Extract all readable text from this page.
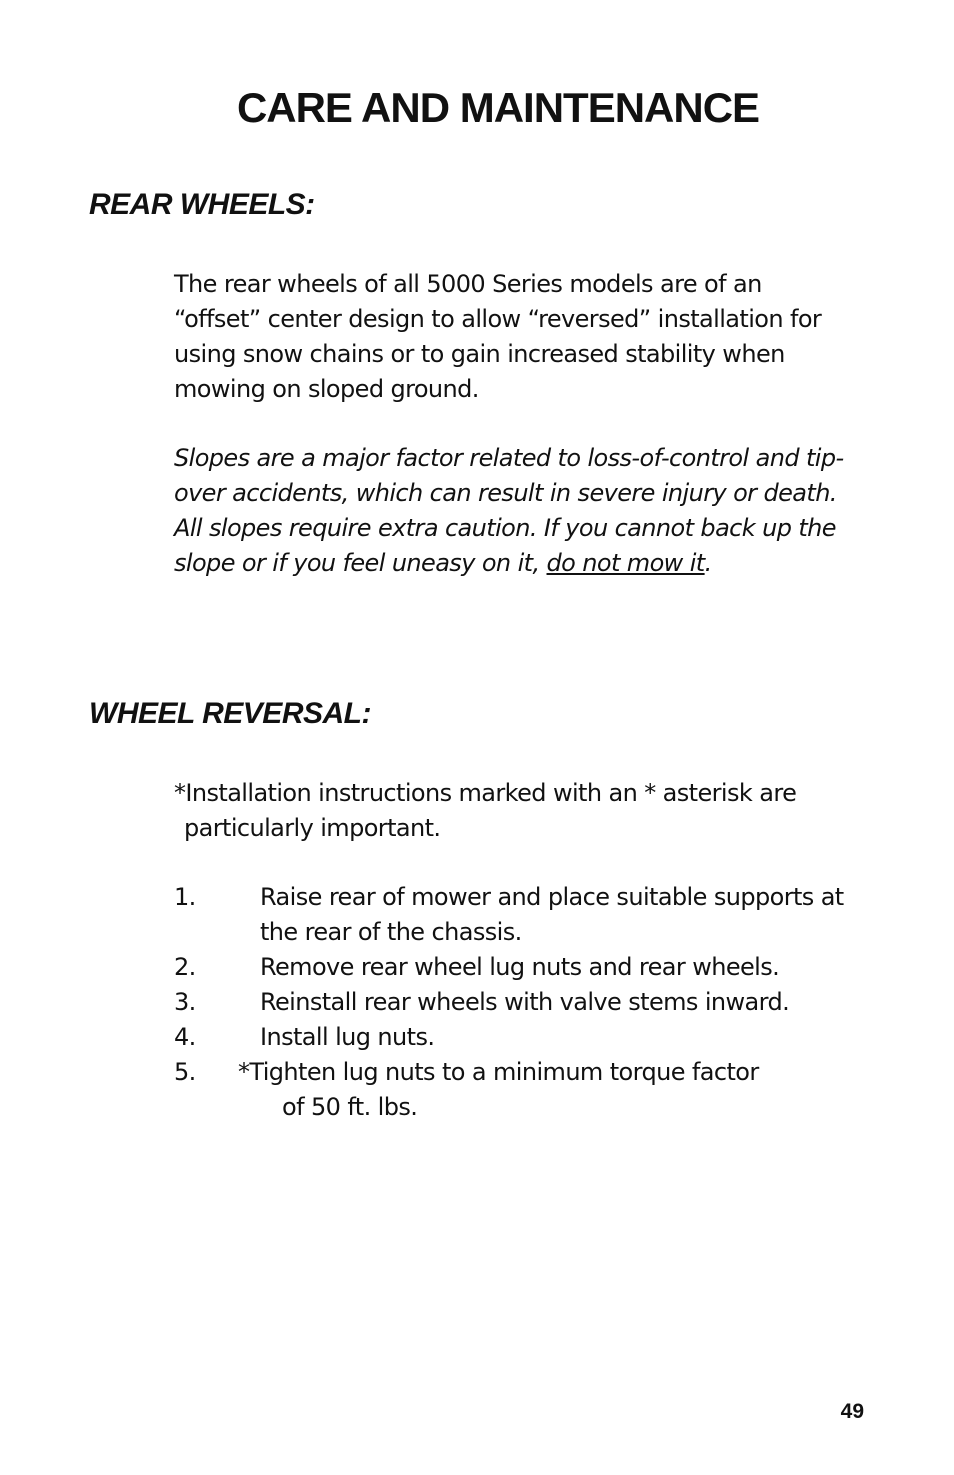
CARE AND MAINTENANCE
REAR WHEELS:

The rear wheels of all 5000 Series models are of an “offset” center design to allow “reversed” installation for using snow chains or to gain increased stability when mowing on sloped ground.

Slopes are a major factor related to loss-of-control and tip-over accidents, which can result in severe injury or death. All slopes require extra caution. If you cannot back up the slope or if you feel uneasy on it, do not mow it.

WHEEL REVERSAL:
*Installation instructions marked with an * asterisk are
particularly important.
1.	Raise rear of mower and place suitable supports at the rear of the chassis.
2.	Remove rear wheel lug nuts and rear wheels.
3.	Reinstall rear wheels with valve stems inward.
4.	Install lug nuts.
5. *Tighten lug nuts to a minimum torque factor
of 50 ft. lbs.
49
